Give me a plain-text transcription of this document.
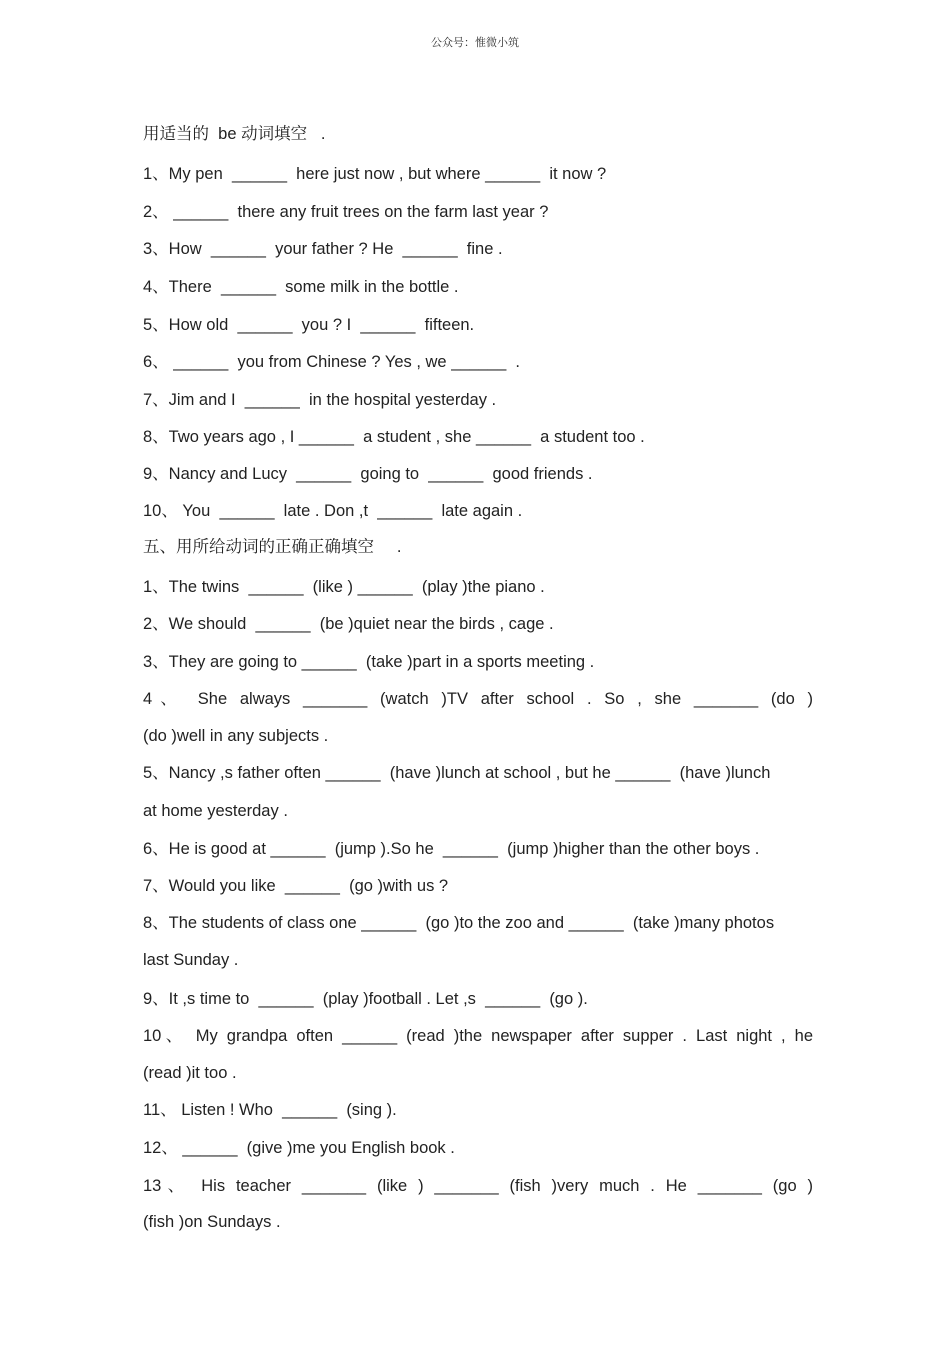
公众号：惟微小筑
用适当的  be 动词填空   .
1、My pen  ______  here just now , but where ______  it now ?
2、 ______  there any fruit trees on the farm last year ?
3、How  ______  your father ? He  ______  fine .
4、There  ______  some milk in the bottle .
5、How old  ______  you ? I  ______  fifteen.
6、 ______  you from Chinese ? Yes , we ______  .
7、Jim and I  ______  in the hospital yesterday .
8、Two years ago , I ______  a student , she ______  a student too .
9、Nancy and Lucy  ______  going to  ______  good friends .
10、 You  ______  late . Don ,t  ______  late again .
五、用所给动词的正确正确填空     .
1、The twins  ______  (like ) ______  (play )the piano .
2、We should  ______  (be )quiet near the birds , cage .
3、They are going to ______  (take )part in a sports meeting .
4、 She always _______ (watch )TV after school . So , she _______ (do )
(do )well in any subjects .
5、Nancy ,s father often ______  (have )lunch at school , but he ______  (have )lunch
at home yesterday .
6、He is good at ______  (jump ).So he  ______  (jump )higher than the other boys .
7、Would you like  ______  (go )with us ?
8、The students of class one ______  (go )to the zoo and ______  (take )many photos
last Sunday .
9、It ,s time to  ______  (play )football . Let ,s  ______  (go ).
10、 My grandpa often ______ (read )the newspaper after supper . Last night , he
(read )it too .
11、 Listen ! Who  ______  (sing ).
12、 ______  (give )me you English book .
13、 His teacher _______ (like ) _______ (fish )very much . He _______ (go )
(fish )on Sundays .
